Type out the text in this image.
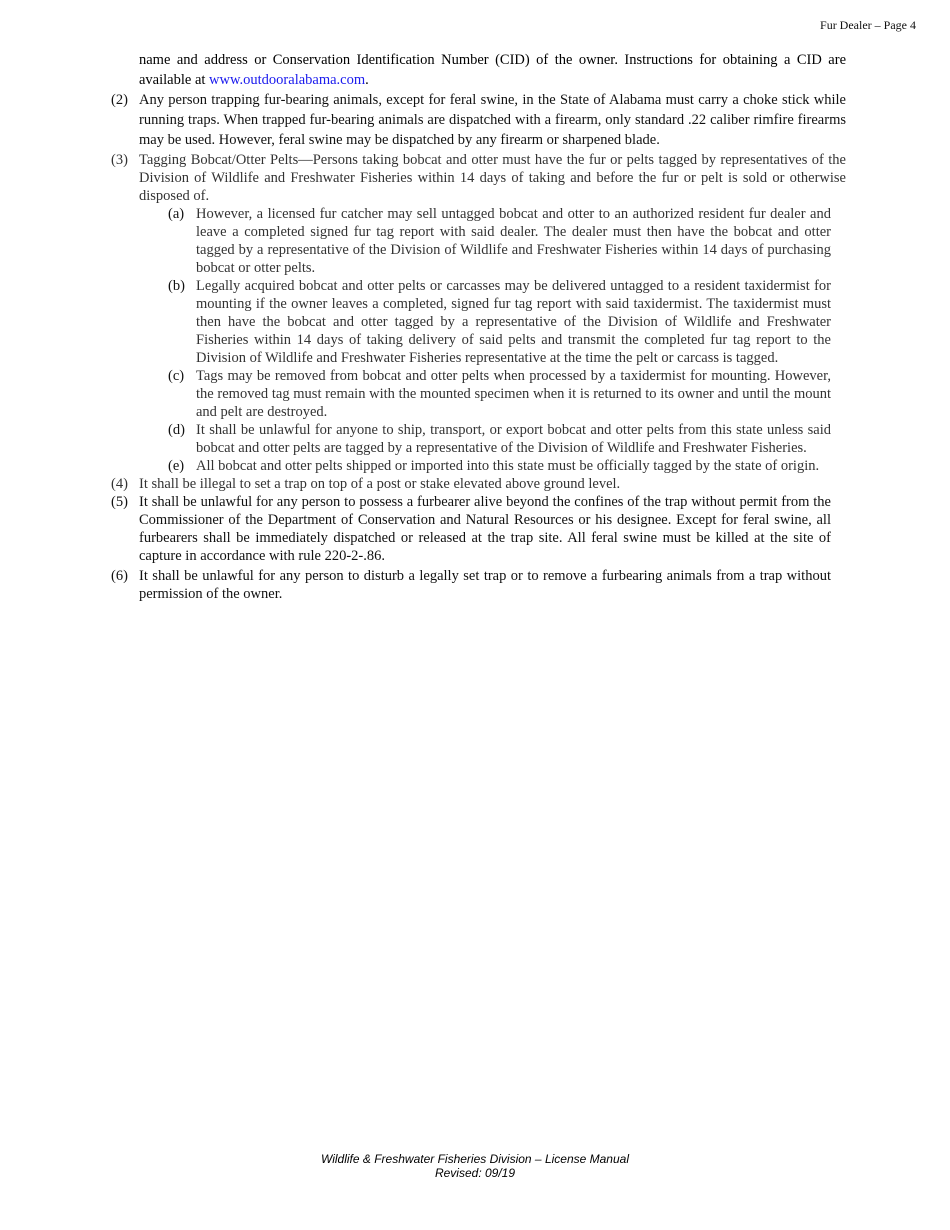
Fur Dealer – Page 4

name and address or Conservation Identification Number (CID) of the owner. Instructions for obtaining a CID are available at www.outdooralabama.com.

(2) Any person trapping fur-bearing animals, except for feral swine, in the State of Alabama must carry a choke stick while running traps. When trapped fur-bearing animals are dispatched with a firearm, only standard .22 caliber rimfire firearms may be used. However, feral swine may be dispatched by any firearm or sharpened blade.
(3) Tagging Bobcat/Otter Pelts—Persons taking bobcat and otter must have the fur or pelts tagged by representatives of the Division of Wildlife and Freshwater Fisheries within 14 days of taking and before the fur or pelt is sold or otherwise disposed of.
(a) However, a licensed fur catcher may sell untagged bobcat and otter to an authorized resident fur dealer and leave a completed signed fur tag report with said dealer. The dealer must then have the bobcat and otter tagged by a representative of the Division of Wildlife and Freshwater Fisheries within 14 days of purchasing bobcat or otter pelts.
(b) Legally acquired bobcat and otter pelts or carcasses may be delivered untagged to a resident taxidermist for mounting if the owner leaves a completed, signed fur tag report with said taxidermist. The taxidermist must then have the bobcat and otter tagged by a representative of the Division of Wildlife and Freshwater Fisheries within 14 days of taking delivery of said pelts and transmit the completed fur tag report to the Division of Wildlife and Freshwater Fisheries representative at the time the pelt or carcass is tagged.
(c) Tags may be removed from bobcat and otter pelts when processed by a taxidermist for mounting. However, the removed tag must remain with the mounted specimen when it is returned to its owner and until the mount and pelt are destroyed.
(d) It shall be unlawful for anyone to ship, transport, or export bobcat and otter pelts from this state unless said bobcat and otter pelts are tagged by a representative of the Division of Wildlife and Freshwater Fisheries.
(e) All bobcat and otter pelts shipped or imported into this state must be officially tagged by the state of origin.
(4) It shall be illegal to set a trap on top of a post or stake elevated above ground level.
(5) It shall be unlawful for any person to possess a furbearer alive beyond the confines of the trap without permit from the Commissioner of the Department of Conservation and Natural Resources or his designee. Except for feral swine, all furbearers shall be immediately dispatched or released at the trap site. All feral swine must be killed at the site of capture in accordance with rule 220-2-.86.
(6) It shall be unlawful for any person to disturb a legally set trap or to remove a furbearing animals from a trap without permission of the owner.
Wildlife & Freshwater Fisheries Division – License Manual
Revised: 09/19
